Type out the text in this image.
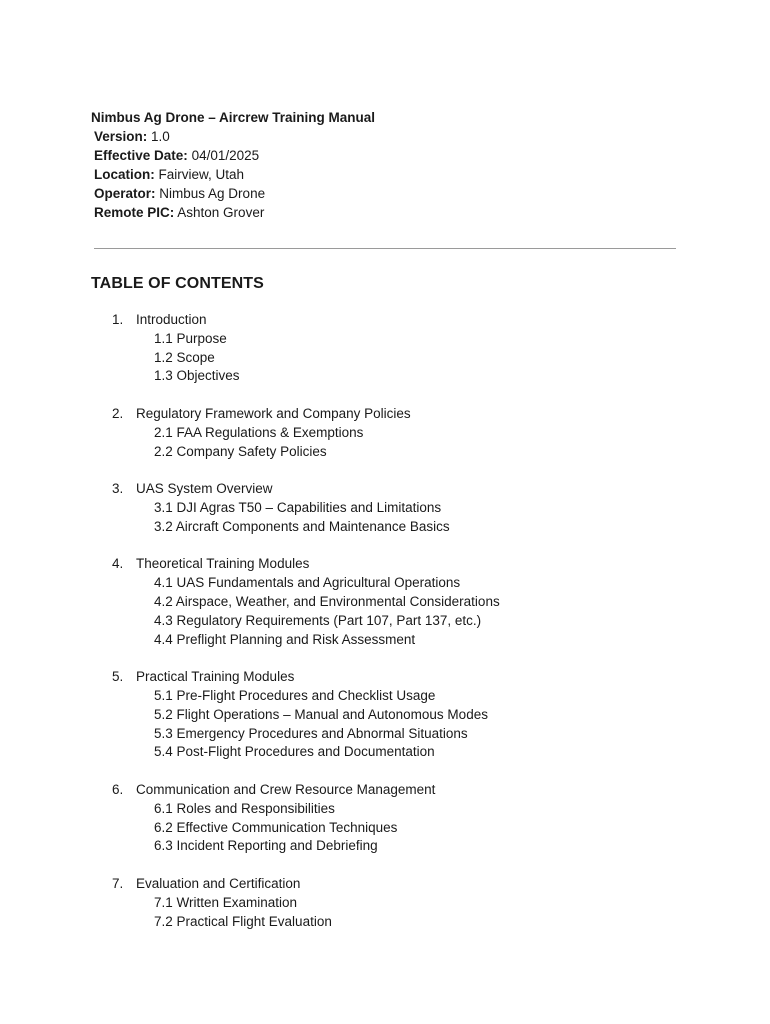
Nimbus Ag Drone – Aircrew Training Manual
Version: 1.0
Effective Date: 04/01/2025
Location: Fairview, Utah
Operator: Nimbus Ag Drone
Remote PIC: Ashton Grover
TABLE OF CONTENTS
1. Introduction
1.1 Purpose
1.2 Scope
1.3 Objectives
2. Regulatory Framework and Company Policies
2.1 FAA Regulations & Exemptions
2.2 Company Safety Policies
3. UAS System Overview
3.1 DJI Agras T50 – Capabilities and Limitations
3.2 Aircraft Components and Maintenance Basics
4. Theoretical Training Modules
4.1 UAS Fundamentals and Agricultural Operations
4.2 Airspace, Weather, and Environmental Considerations
4.3 Regulatory Requirements (Part 107, Part 137, etc.)
4.4 Preflight Planning and Risk Assessment
5. Practical Training Modules
5.1 Pre-Flight Procedures and Checklist Usage
5.2 Flight Operations – Manual and Autonomous Modes
5.3 Emergency Procedures and Abnormal Situations
5.4 Post-Flight Procedures and Documentation
6. Communication and Crew Resource Management
6.1 Roles and Responsibilities
6.2 Effective Communication Techniques
6.3 Incident Reporting and Debriefing
7. Evaluation and Certification
7.1 Written Examination
7.2 Practical Flight Evaluation
